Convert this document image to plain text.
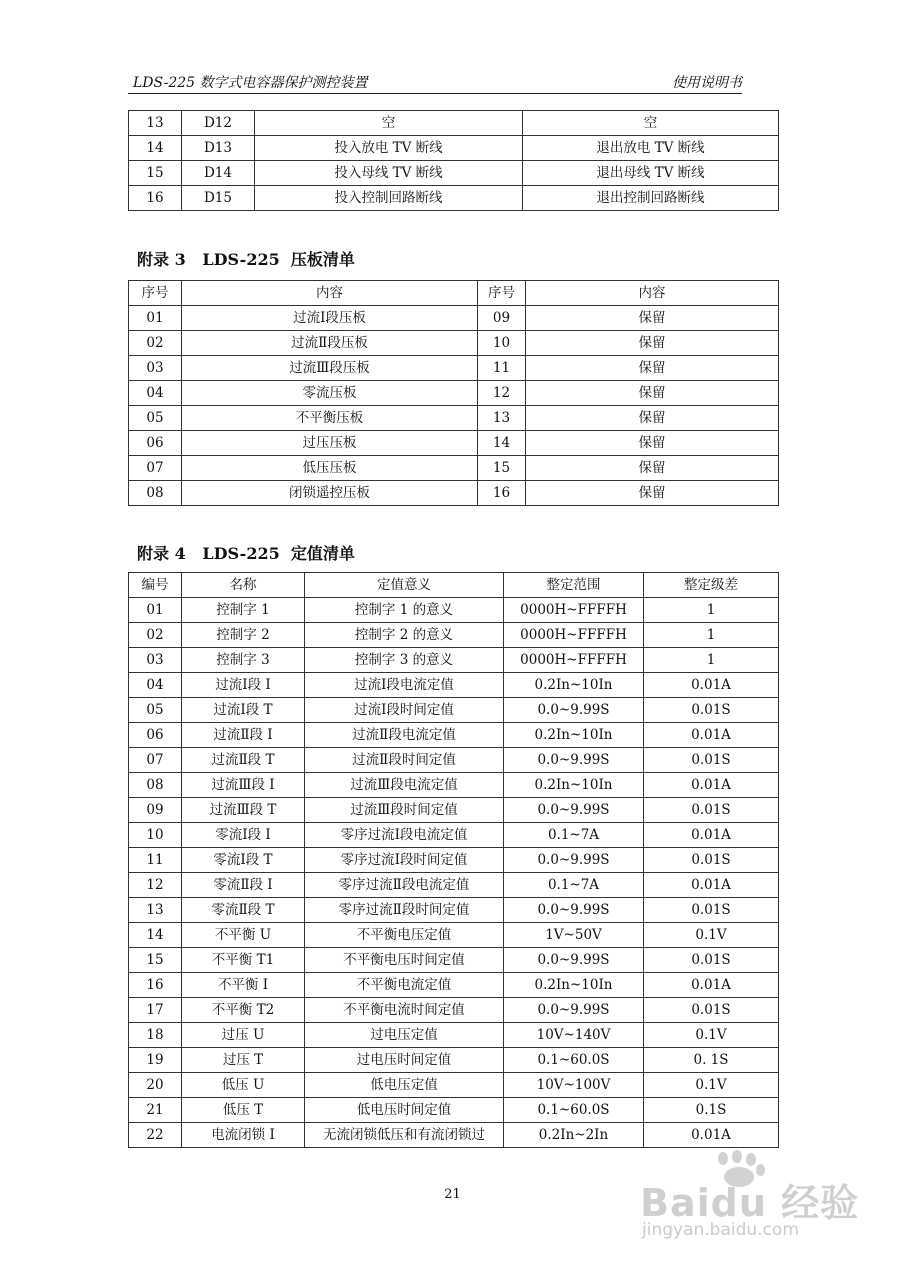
LDS-225 数字式电容器保护测控装置	使用说明书
13	D12	空	空
14	D13	投入放电 TV 断线	退出放电 TV 断线
15	D14	投入母线 TV 断线	退出母线 TV 断线
16	D15	投入控制回路断线	退出控制回路断线
附录 3   LDS-225  压板清单
序号	内容	序号	内容
01	过流Ⅰ段压板	09	保留
02	过流Ⅱ段压板	10	保留
03	过流Ⅲ段压板	11	保留
04	零流压板	12	保留
05	不平衡压板	13	保留
06	过压压板	14	保留
07	低压压板	15	保留
08	闭锁遥控压板	16	保留
附录 4   LDS-225  定值清单
编号	名称	定值意义	整定范围	整定级差
01	控制字 1	控制字 1 的意义	0000H~FFFFH	1
02	控制字 2	控制字 2 的意义	0000H~FFFFH	1
03	控制字 3	控制字 3 的意义	0000H~FFFFH	1
04	过流Ⅰ段 I	过流Ⅰ段电流定值	0.2In~10In	0.01A
05	过流Ⅰ段 T	过流Ⅰ段时间定值	0.0~9.99S	0.01S
06	过流Ⅱ段 I	过流Ⅱ段电流定值	0.2In~10In	0.01A
07	过流Ⅱ段 T	过流Ⅱ段时间定值	0.0~9.99S	0.01S
08	过流Ⅲ段 I	过流Ⅲ段电流定值	0.2In~10In	0.01A
09	过流Ⅲ段 T	过流Ⅲ段时间定值	0.0~9.99S	0.01S
10	零流Ⅰ段 I	零序过流Ⅰ段电流定值	0.1~7A	0.01A
11	零流Ⅰ段 T	零序过流Ⅰ段时间定值	0.0~9.99S	0.01S
12	零流Ⅱ段 I	零序过流Ⅱ段电流定值	0.1~7A	0.01A
13	零流Ⅱ段 T	零序过流Ⅱ段时间定值	0.0~9.99S	0.01S
14	不平衡 U	不平衡电压定值	1V~50V	0.1V
15	不平衡 T1	不平衡电压时间定值	0.0~9.99S	0.01S
16	不平衡 I	不平衡电流定值	0.2In~10In	0.01A
17	不平衡 T2	不平衡电流时间定值	0.0~9.99S	0.01S
18	过压 U	过电压定值	10V~140V	0.1V
19	过压 T	过电压时间定值	0.1~60.0S	0. 1S
20	低压 U	低电压定值	10V~100V	0.1V
21	低压 T	低电压时间定值	0.1~60.0S	0.1S
22	电流闭锁 I	无流闭锁低压和有流闭锁过	0.2In~2In	0.01A
21	Baidu 经验
jingyan.baidu.com
